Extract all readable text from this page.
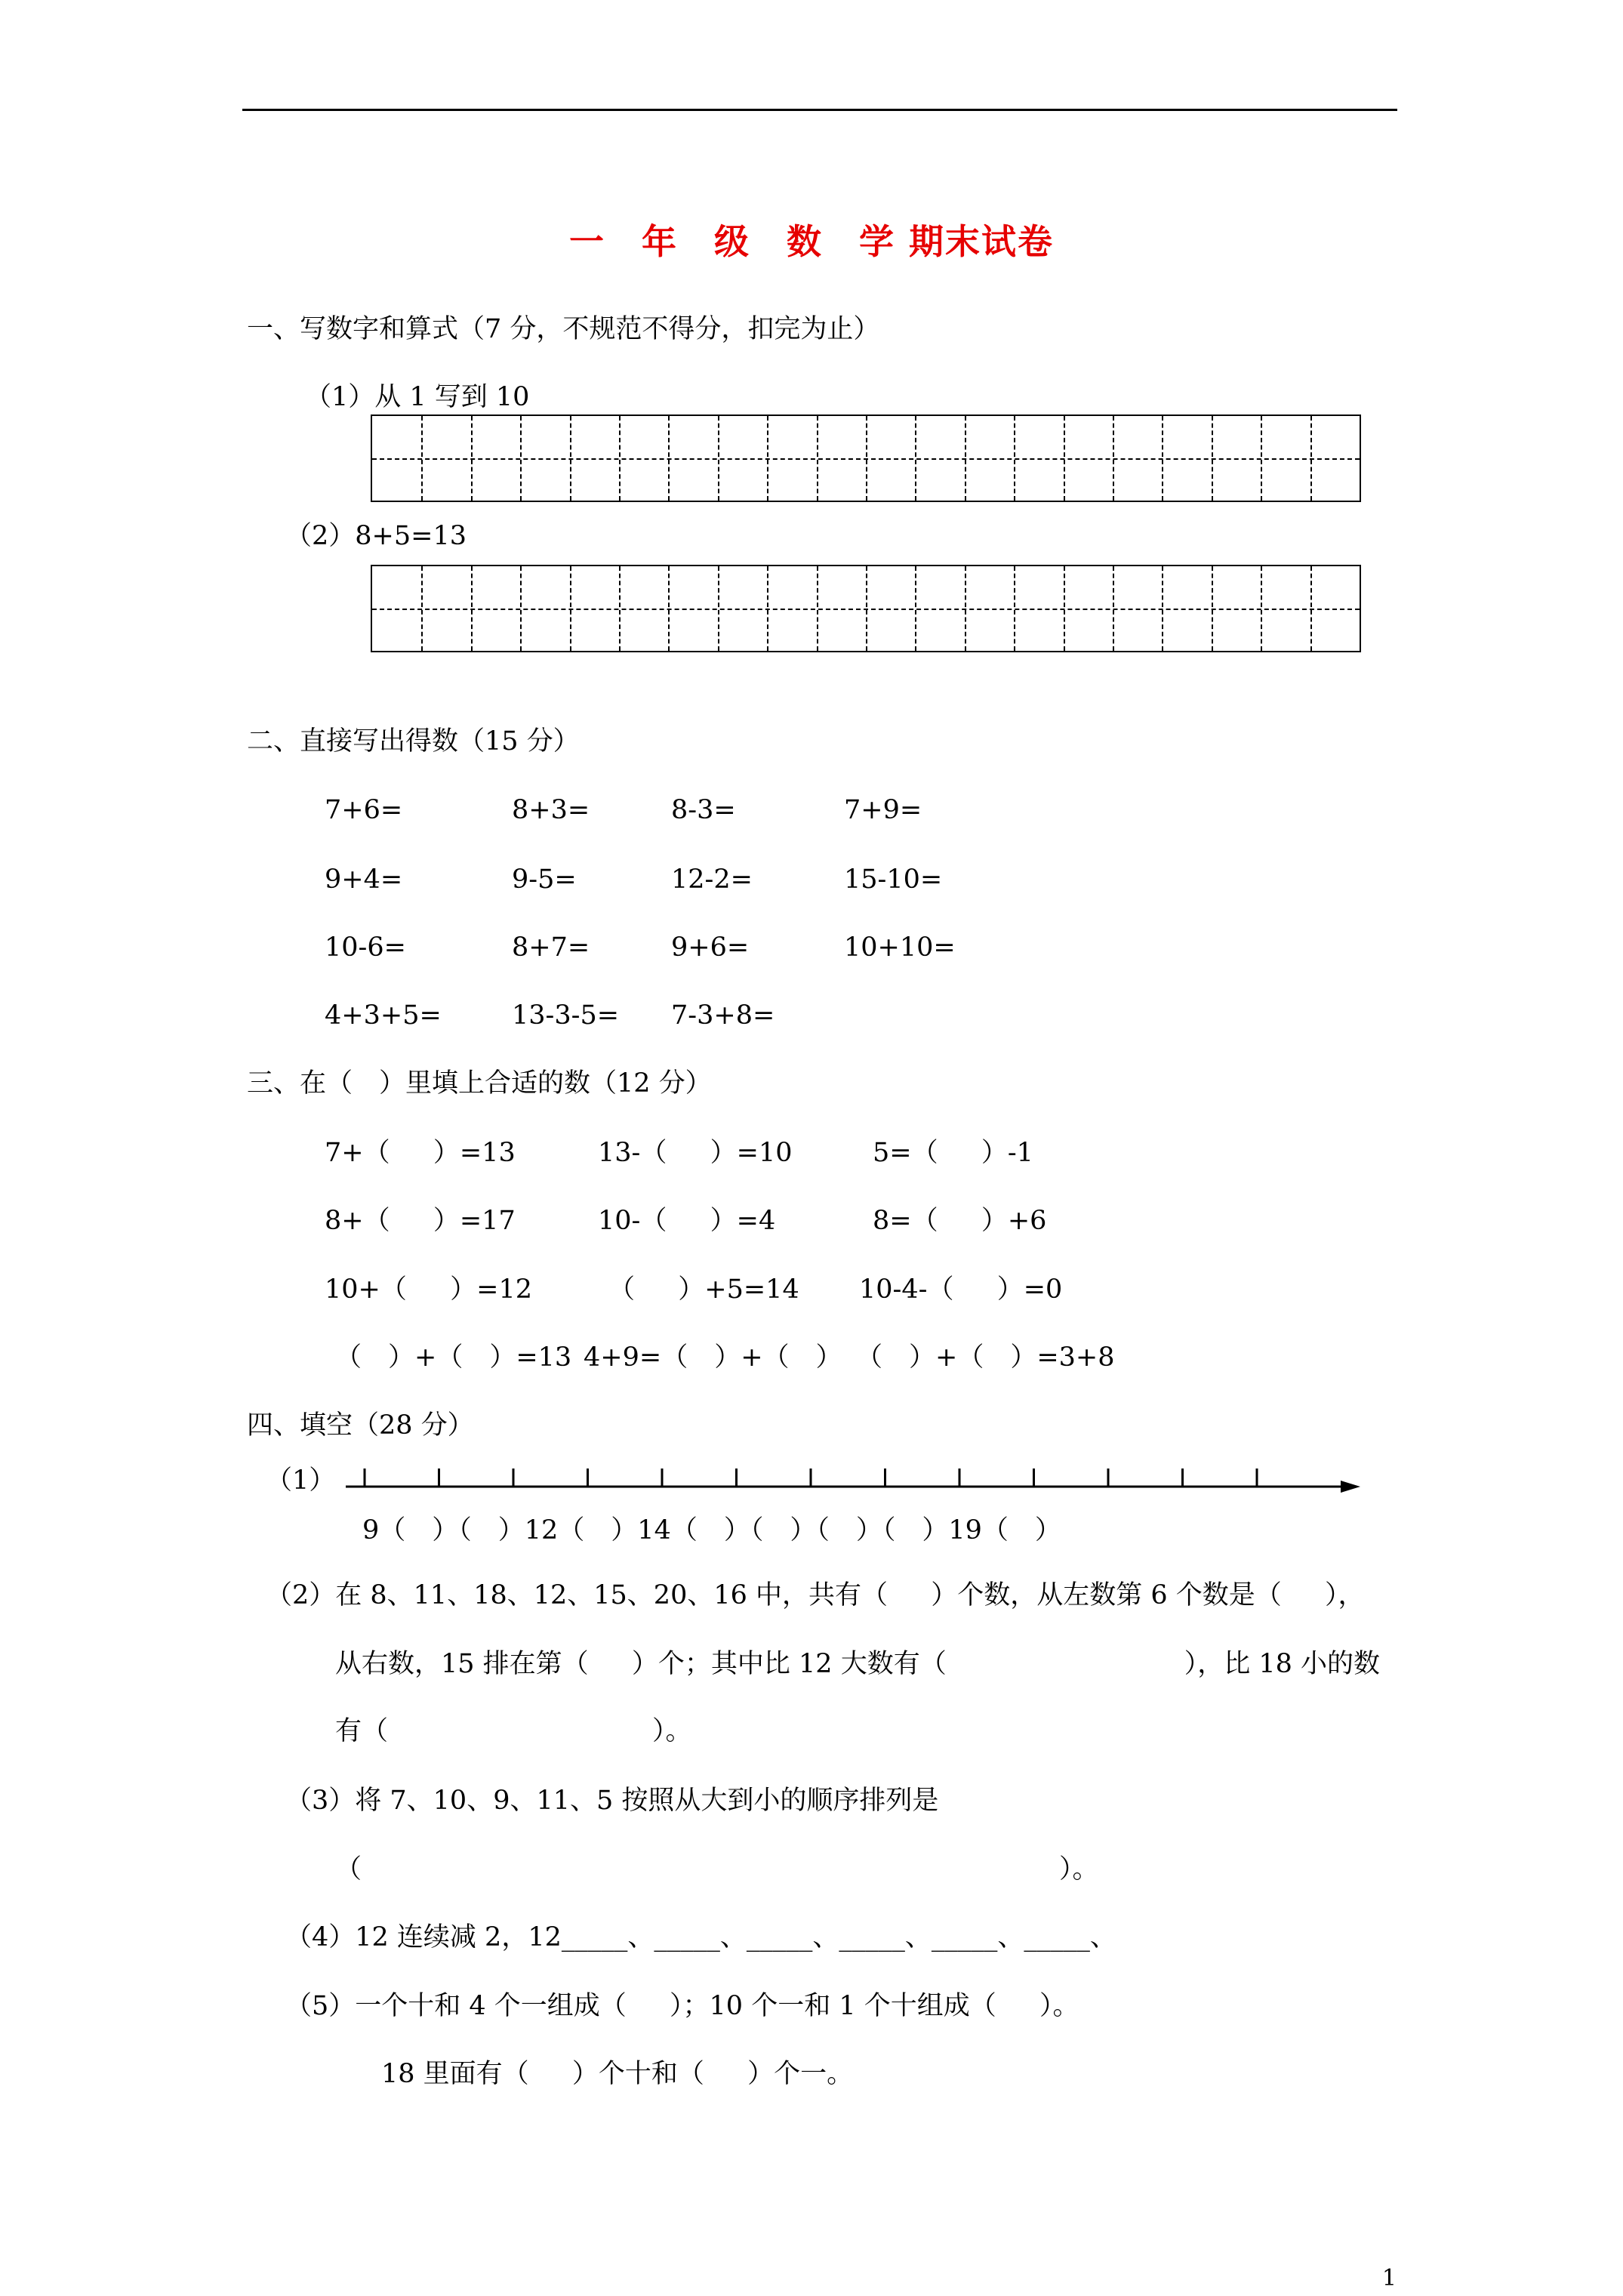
一　年　级　数　学 期末试卷
一、写数字和算式（7 分，不规范不得分，扣完为止）
（1）从 1 写到 10
（2）8+5=13
二、直接写出得数（15 分）
7+6=	8+3=	8-3=	7+9=
9+4=	9-5=	12-2=	15-10=
10-6=	8+7=	9+6=	10+10=
4+3+5=	13-3-5= 7-3+8=
三、在（　）里填上合适的数（12 分）
7+（　  ）=13	13-（　  ）=10	5=（　  ）-1
8+（　  ）=17	10-（　  ）=4	8=（　  ）+6
10+（　  ）=12	（　  ）+5=14 10-4-（　  ）=0
（　）+（　）=13 4+9=（　）+（　） （　）+（　）=3+8
四、填空（28 分）
（1）
9（　）（　）12（　）14（　）（　）（　）（　）19（　）
（2）在 8、11、18、12、15、20、16 中，共有（　  ）个数，从左数第 6 个数是（　  ），
从右数，15 排在第（　  ）个；其中比 12 大数有（　　　　　　　　　），比 18 小的数
有（　　　　　　　　　　）。
（3）将 7、10、9、11、5 按照从大到小的顺序排列是
（	）。
（4）12 连续减 2，12_____、_____、_____、_____、_____、_____、
（5）一个十和 4 个一组成（　  ）；10 个一和 1 个十组成（　  ）。
18 里面有（　  ）个十和（　  ）个一。
1
